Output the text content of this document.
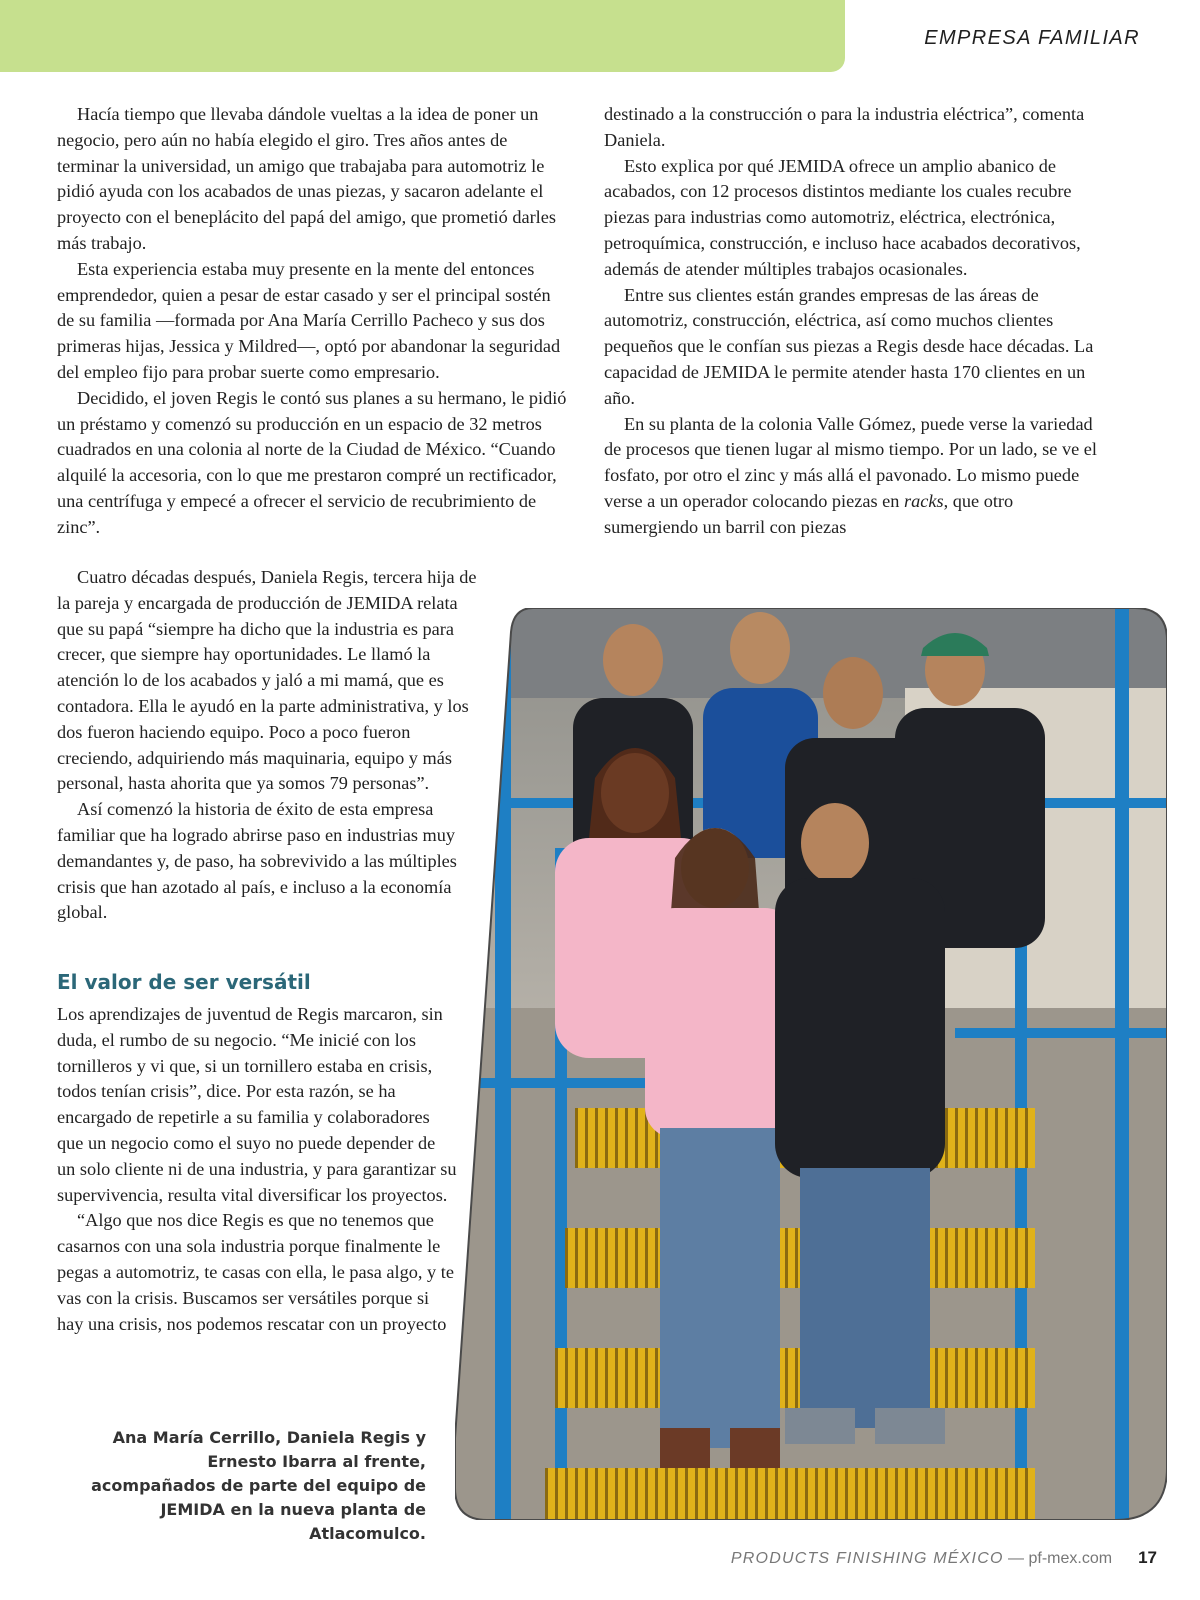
EMPRESA FAMILIAR

Hacía tiempo que llevaba dándole vueltas a la idea de poner un negocio, pero aún no había elegido el giro. Tres años antes de terminar la universidad, un amigo que trabajaba para automotriz le pidió ayuda con los acabados de unas piezas, y sacaron adelante el proyecto con el beneplácito del papá del amigo, que prometió darles más trabajo.

Esta experiencia estaba muy presente en la mente del entonces emprendedor, quien a pesar de estar casado y ser el principal sostén de su familia —formada por Ana María Cerrillo Pacheco y sus dos primeras hijas, Jessica y Mildred—, optó por abandonar la seguridad del empleo fijo para probar suerte como empresario.

Decidido, el joven Regis le contó sus planes a su hermano, le pidió un préstamo y comenzó su producción en un espacio de 32 metros cuadrados en una colonia al norte de la Ciudad de México. “Cuando alquilé la accesoria, con lo que me prestaron compré un rectificador, una centrífuga y empecé a ofrecer el servicio de recubrimiento de zinc”.

Cuatro décadas después, Daniela Regis, tercera hija de la pareja y encargada de producción de JEMIDA relata que su papá “siempre ha dicho que la industria es para crecer, que siempre hay oportunidades. Le llamó la atención lo de los acabados y jaló a mi mamá, que es contadora. Ella le ayudó en la parte administrativa, y los dos fueron haciendo equipo. Poco a poco fueron creciendo, adquiriendo más maquinaria, equipo y más personal, hasta ahorita que ya somos 79 personas”.

Así comenzó la historia de éxito de esta empresa familiar que ha logrado abrirse paso en industrias muy demandantes y, de paso, ha sobrevivido a las múltiples crisis que han azotado al país, e incluso a la economía global.

El valor de ser versátil

Los aprendizajes de juventud de Regis marcaron, sin duda, el rumbo de su negocio. “Me inicié con los tornilleros y vi que, si un tornillero estaba en crisis, todos tenían crisis”, dice. Por esta razón, se ha encargado de repetirle a su familia y colaboradores que un negocio como el suyo no puede depender de un solo cliente ni de una industria, y para garantizar su supervivencia, resulta vital diversificar los proyectos.

“Algo que nos dice Regis es que no tenemos que casarnos con una sola industria porque finalmente le pegas a automotriz, te casas con ella, le pasa algo, y te vas con la crisis. Buscamos ser versátiles porque si hay una crisis, nos podemos rescatar con un proyecto

destinado a la construcción o para la industria eléctrica”, comenta Daniela.

Esto explica por qué JEMIDA ofrece un amplio abanico de acabados, con 12 procesos distintos mediante los cuales recubre piezas para industrias como automotriz, eléctrica, electrónica, petroquímica, construcción, e incluso hace acabados decorativos, además de atender múltiples trabajos ocasionales.

Entre sus clientes están grandes empresas de las áreas de automotriz, construcción, eléctrica, así como muchos clientes pequeños que le confían sus piezas a Regis desde hace décadas. La capacidad de JEMIDA le permite atender hasta 170 clientes en un año.

En su planta de la colonia Valle Gómez, puede verse la variedad de procesos que tienen lugar al mismo tiempo. Por un lado, se ve el fosfato, por otro el zinc y más allá el pavonado. Lo mismo puede verse a un operador colocando piezas en racks, que otro sumergiendo un barril con piezas

Ana María Cerrillo, Daniela Regis y Ernesto Ibarra al frente, acompañados de parte del equipo de JEMIDA en la nueva planta de Atlacomulco.
PRODUCTS FINISHING MÉXICO — pf-mex.com 17
